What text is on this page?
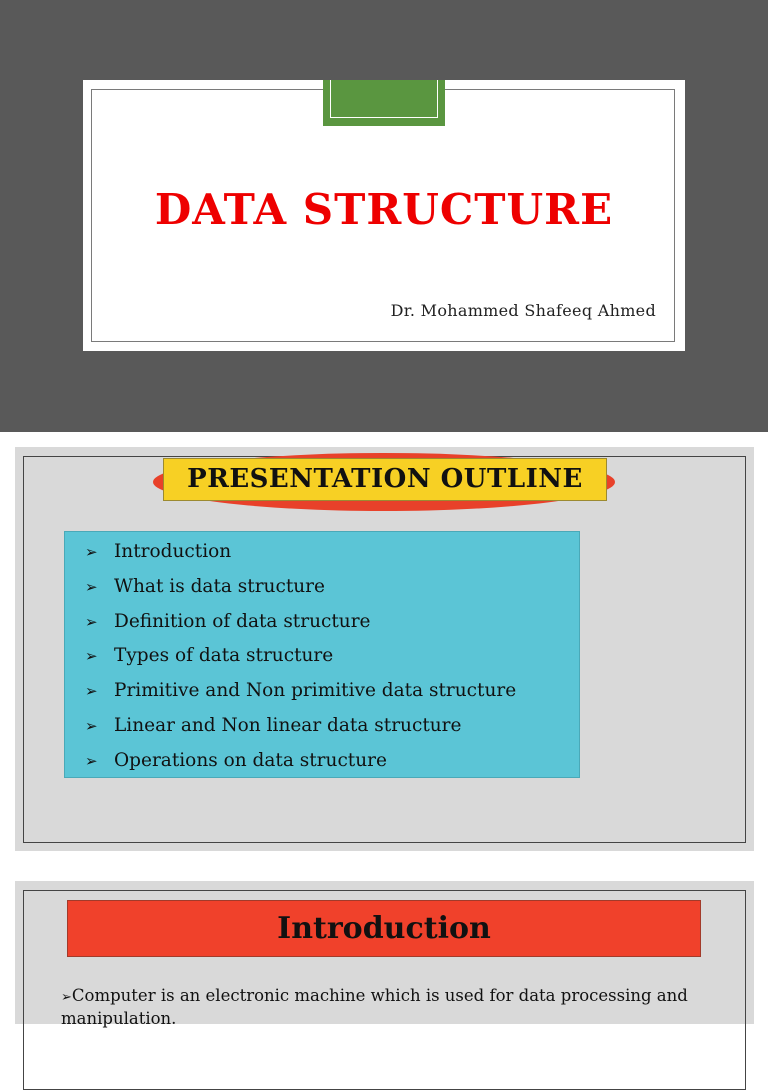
DATA STRUCTURE
Dr. Mohammed Shafeeq Ahmed
PRESENTATION OUTLINE
➢ Introduction
➢ What is data structure
➢ Definition of data structure
➢ Types of data structure
➢ Primitive and Non primitive data structure
➢ Linear and Non linear data structure
➢ Operations on data structure
Introduction
➢Computer is an electronic machine which is used for data processing and manipulation.
